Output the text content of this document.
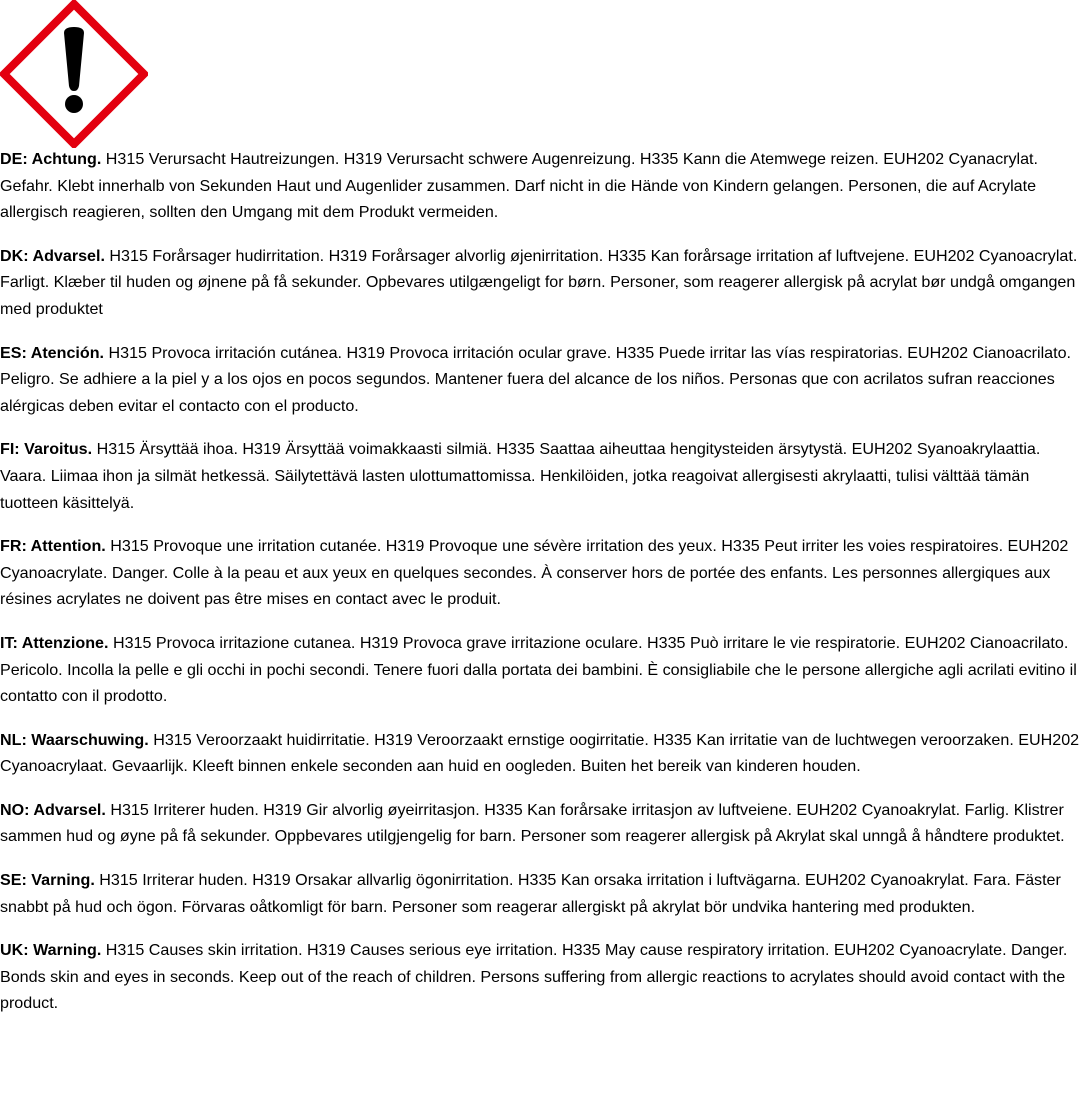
DE: Achtung. H315 Verursacht Hautreizungen. H319 Verursacht schwere Augenreizung. H335 Kann die Atemwege reizen. EUH202 Cyanacrylat. Gefahr. Klebt innerhalb von Sekunden Haut und Augenlider zusammen. Darf nicht in die Hände von Kindern gelangen. Personen, die auf Acrylate allergisch reagieren, sollten den Umgang mit dem Produkt vermeiden.

DK: Advarsel. H315 Forårsager hudirritation. H319 Forårsager alvorlig øjenirritation. H335 Kan forårsage irritation af luftvejene. EUH202 Cyanoacrylat. Farligt. Klæber til huden og øjnene på få sekunder. Opbevares utilgængeligt for børn. Personer, som reagerer allergisk på acrylat bør undgå omgangen med produktet

ES: Atención. H315 Provoca irritación cutánea. H319 Provoca irritación ocular grave. H335 Puede irritar las vías respiratorias. EUH202 Cianoacrilato. Peligro. Se adhiere a la piel y a los ojos en pocos segundos. Mantener fuera del alcance de los niños. Personas que con acrilatos sufran reacciones alérgicas deben evitar el contacto con el producto.

FI: Varoitus. H315 Ärsyttää ihoa. H319 Ärsyttää voimakkaasti silmiä. H335 Saattaa aiheuttaa hengitysteiden ärsytystä. EUH202 Syanoakrylaattia. Vaara. Liimaa ihon ja silmät hetkessä. Säilytettävä lasten ulottumattomissa. Henkilöiden, jotka reagoivat allergisesti akrylaatti, tulisi välttää tämän tuotteen käsittelyä.

FR: Attention. H315 Provoque une irritation cutanée. H319 Provoque une sévère irritation des yeux. H335 Peut irriter les voies respiratoires. EUH202 Cyanoacrylate. Danger. Colle à la peau et aux yeux en quelques secondes. À conserver hors de portée des enfants. Les personnes allergiques aux résines acrylates ne doivent pas être mises en contact avec le produit.

IT: Attenzione. H315 Provoca irritazione cutanea. H319 Provoca grave irritazione oculare. H335 Può irritare le vie respiratorie. EUH202 Cianoacrilato. Pericolo. Incolla la pelle e gli occhi in pochi secondi. Tenere fuori dalla portata dei bambini. È consigliabile che le persone allergiche agli acrilati evitino il contatto con il prodotto.

NL: Waarschuwing. H315 Veroorzaakt huidirritatie. H319 Veroorzaakt ernstige oogirritatie. H335 Kan irritatie van de luchtwegen veroorzaken. EUH202 Cyanoacrylaat. Gevaarlijk. Kleeft binnen enkele seconden aan huid en oogleden. Buiten het bereik van kinderen houden.

NO: Advarsel. H315 Irriterer huden. H319 Gir alvorlig øyeirritasjon. H335 Kan forårsake irritasjon av luftveiene. EUH202 Cyanoakrylat. Farlig. Klistrer sammen hud og øyne på få sekunder. Oppbevares utilgjengelig for barn. Personer som reagerer allergisk på Akrylat skal unngå å håndtere produktet.

SE: Varning. H315 Irriterar huden. H319 Orsakar allvarlig ögonirritation. H335 Kan orsaka irritation i luftvägarna. EUH202 Cyanoakrylat. Fara. Fäster snabbt på hud och ögon. Förvaras oåtkomligt för barn. Personer som reagerar allergiskt på akrylat bör undvika hantering med produkten.

UK: Warning. H315 Causes skin irritation. H319 Causes serious eye irritation. H335 May cause respiratory irritation. EUH202 Cyanoacrylate. Danger. Bonds skin and eyes in seconds. Keep out of the reach of children. Persons suffering from allergic reactions to acrylates should avoid contact with the product.
